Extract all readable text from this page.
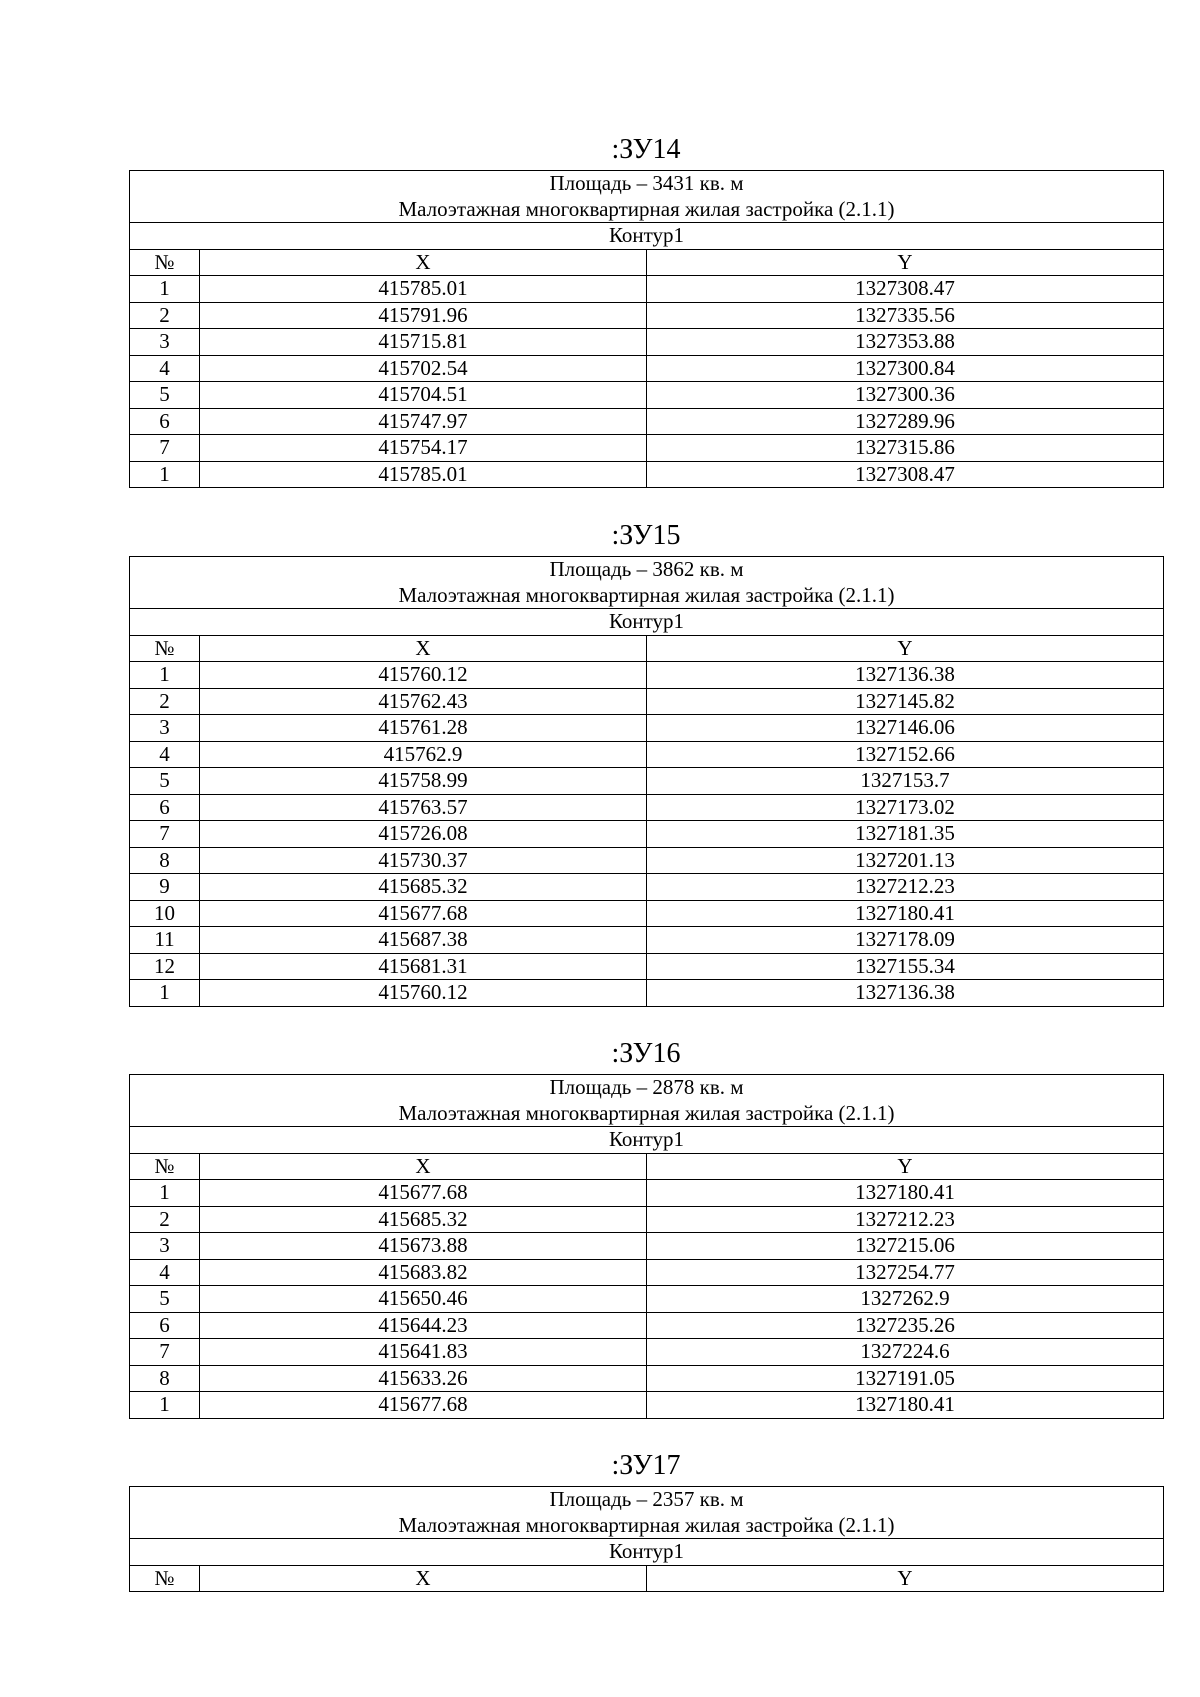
:ЗУ14
Площадь – 3431 кв. м		
Малоэтажная многоквартирная жилая застройка (2.1.1)		
Контур1		
№	X	Y
1	415785.01	1327308.47
2	415791.96	1327335.56
3	415715.81	1327353.88
4	415702.54	1327300.84
5	415704.51	1327300.36
6	415747.97	1327289.96
7	415754.17	1327315.86
1	415785.01	1327308.47
:ЗУ15
Площадь – 3862 кв. м		
Малоэтажная многоквартирная жилая застройка (2.1.1)		
Контур1		
№	X	Y
1	415760.12	1327136.38
2	415762.43	1327145.82
3	415761.28	1327146.06
4	415762.9	1327152.66
5	415758.99	1327153.7
6	415763.57	1327173.02
7	415726.08	1327181.35
8	415730.37	1327201.13
9	415685.32	1327212.23
10	415677.68	1327180.41
11	415687.38	1327178.09
12	415681.31	1327155.34
1	415760.12	1327136.38
:ЗУ16
Площадь – 2878 кв. м		
Малоэтажная многоквартирная жилая застройка (2.1.1)		
Контур1		
№	X	Y
1	415677.68	1327180.41
2	415685.32	1327212.23
3	415673.88	1327215.06
4	415683.82	1327254.77
5	415650.46	1327262.9
6	415644.23	1327235.26
7	415641.83	1327224.6
8	415633.26	1327191.05
1	415677.68	1327180.41
:ЗУ17
Площадь – 2357 кв. м
Малоэтажная многоквартирная жилая застройка (2.1.1)
Контур1
№	X	Y
